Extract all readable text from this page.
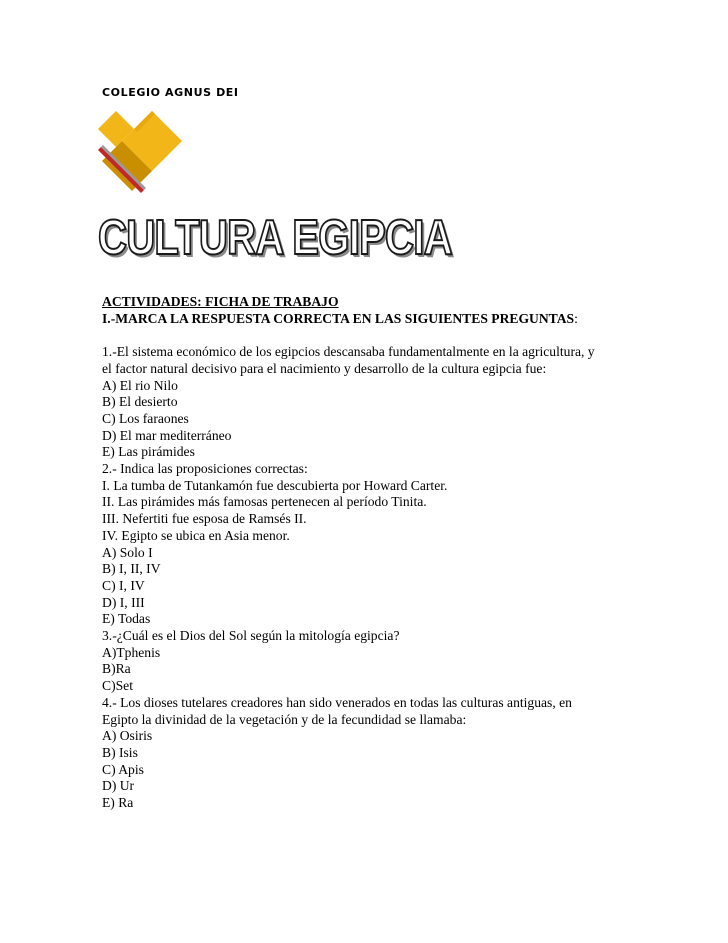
COLEGIO AGNUS DEI
CULTURA EGIPCIA
ACTIVIDADES: FICHA DE TRABAJO
I.-MARCA LA RESPUESTA CORRECTA EN LAS SIGUIENTES PREGUNTAS:
1.-El sistema económico de los egipcios descansaba fundamentalmente en la agricultura, y
el factor natural decisivo para el nacimiento y desarrollo de la cultura egipcia fue:
A) El rio Nilo
B) El desierto
C) Los faraones
D) El mar mediterráneo
E) Las pirámides
2.- Indica las proposiciones correctas:
I. La tumba de Tutankamón fue descubierta por Howard Carter.
II. Las pirámides más famosas pertenecen al período Tinita.
III. Nefertiti fue esposa de Ramsés II.
IV. Egipto se ubica en Asia menor.
A) Solo I
B) I, II, IV
C) I, IV
D) I, III
E) Todas
3.-¿Cuál es el Dios del Sol según la mitología egipcia?
A)Tphenis
B)Ra
C)Set
4.- Los dioses tutelares creadores han sido venerados en todas las culturas antiguas, en
Egipto la divinidad de la vegetación y de la fecundidad se llamaba:
A) Osiris
B) Isis
C) Apis
D) Ur
E) Ra
